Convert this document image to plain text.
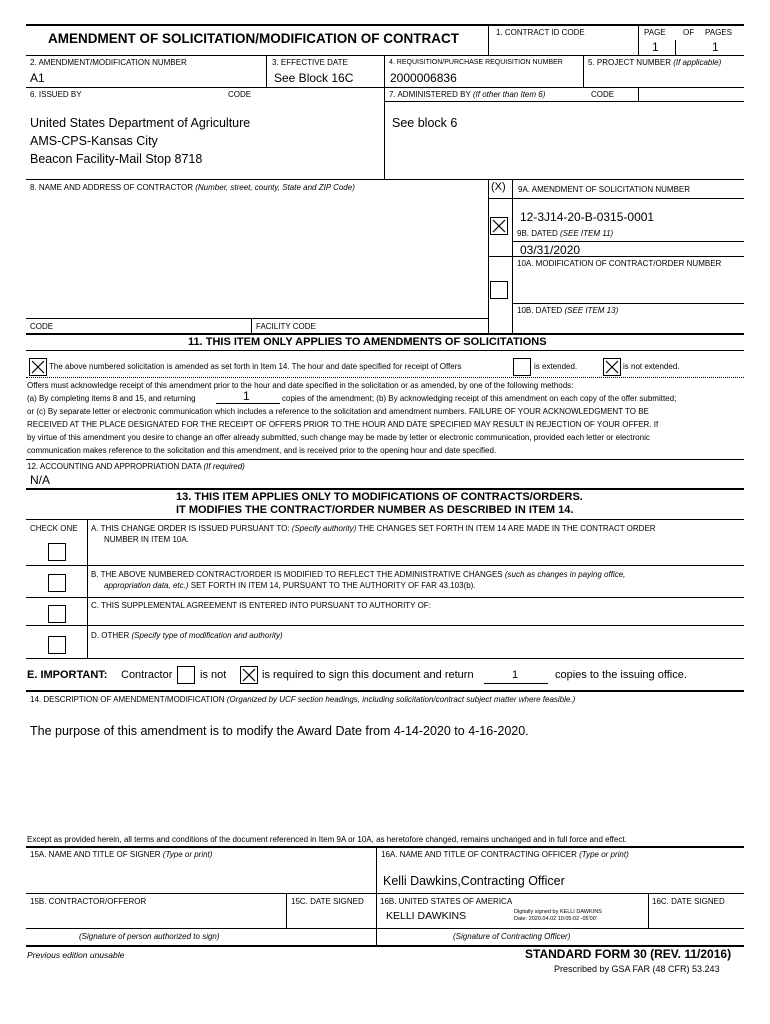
AMENDMENT OF SOLICITATION/MODIFICATION OF CONTRACT	1. CONTRACT ID CODE	PAGE OF PAGES
1	1
2. AMENDMENT/MODIFICATION NUMBER
A1
3. EFFECTIVE DATE
See Block 16C
4. REQUISITION/PURCHASE REQUISITION NUMBER
2000006836
5. PROJECT NUMBER (If applicable)
6. ISSUED BY	CODE	7. ADMINISTERED BY (If other than Item 6)	CODE
United States Department of Agriculture
AMS-CPS-Kansas City
Beacon Facility-Mail Stop 8718
See block 6
8. NAME AND ADDRESS OF CONTRACTOR (Number, street, county, State and ZIP Code)	(X) 9A. AMENDMENT OF SOLICITATION NUMBER
12-3J14-20-B-0315-0001
9B. DATED (SEE ITEM 11)
03/31/2020
10A. MODIFICATION OF CONTRACT/ORDER NUMBER
10B. DATED (SEE ITEM 13)
CODE	FACILITY CODE
11. THIS ITEM ONLY APPLIES TO AMENDMENTS OF SOLICITATIONS
The above numbered solicitation is amended as set forth in Item 14. The hour and date specified for receipt of Offers	is extended.	is not extended.
Offers must acknowledge receipt of this amendment prior to the hour and date specified in the solicitation or as amended, by one of the following methods:
(a) By completing items 8 and 15, and returning	1	copies of the amendment; (b) By acknowledging receipt of this amendment on each copy of the offer submitted;
or (c) By separate letter or electronic communication which includes a reference to the solicitation and amendment numbers. FAILURE OF YOUR ACKNOWLEDGMENT TO BE
RECEIVED AT THE PLACE DESIGNATED FOR THE RECEIPT OF OFFERS PRIOR TO THE HOUR AND DATE SPECIFIED MAY RESULT IN REJECTION OF YOUR OFFER. If
by virtue of this amendment you desire to change an offer already submitted, such change may be made by letter or electronic communication, provided each letter or electronic
communication makes reference to the solicitation and this amendment, and is received prior to the opening hour and date specified.
12. ACCOUNTING AND APPROPRIATION DATA (If required)
N/A
13. THIS ITEM APPLIES ONLY TO MODIFICATIONS OF CONTRACTS/ORDERS.
IT MODIFIES THE CONTRACT/ORDER NUMBER AS DESCRIBED IN ITEM 14.
CHECK ONE A. THIS CHANGE ORDER IS ISSUED PURSUANT TO: (Specify authority) THE CHANGES SET FORTH IN ITEM 14 ARE MADE IN THE CONTRACT ORDER
NUMBER IN ITEM 10A.
B. THE ABOVE NUMBERED CONTRACT/ORDER IS MODIFIED TO REFLECT THE ADMINISTRATIVE CHANGES (such as changes in paying office,
appropriation data, etc.) SET FORTH IN ITEM 14, PURSUANT TO THE AUTHORITY OF FAR 43.103(b).
C. THIS SUPPLEMENTAL AGREEMENT IS ENTERED INTO PURSUANT TO AUTHORITY OF:
D. OTHER (Specify type of modification and authority)
E. IMPORTANT: Contractor	is not	is required to sign this document and return	1	copies to the issuing office.
14. DESCRIPTION OF AMENDMENT/MODIFICATION (Organized by UCF section headings, including solicitation/contract subject matter where feasible.)
The purpose of this amendment is to modify the Award Date from 4-14-2020 to 4-16-2020.
Except as provided herein, all terms and conditions of the document referenced in Item 9A or 10A, as heretofore changed, remains unchanged and in full force and effect.
15A. NAME AND TITLE OF SIGNER (Type or print)	16A. NAME AND TITLE OF CONTRACTING OFFICER (Type or print)
Kelli Dawkins,Contracting Officer
15B. CONTRACTOR/OFFEROR	15C. DATE SIGNED 16B. UNITED STATES OF AMERICA	16C. DATE SIGNED
KELLI DAWKINS	Digitally signed by KELLI DAWKINS
Date: 2020.04.02 10:05:02 -05'00'
(Signature of person authorized to sign)	(Signature of Contracting Officer)
Previous edition unusable	STANDARD FORM 30 (REV. 11/2016)
Prescribed by GSA FAR (48 CFR) 53.243
